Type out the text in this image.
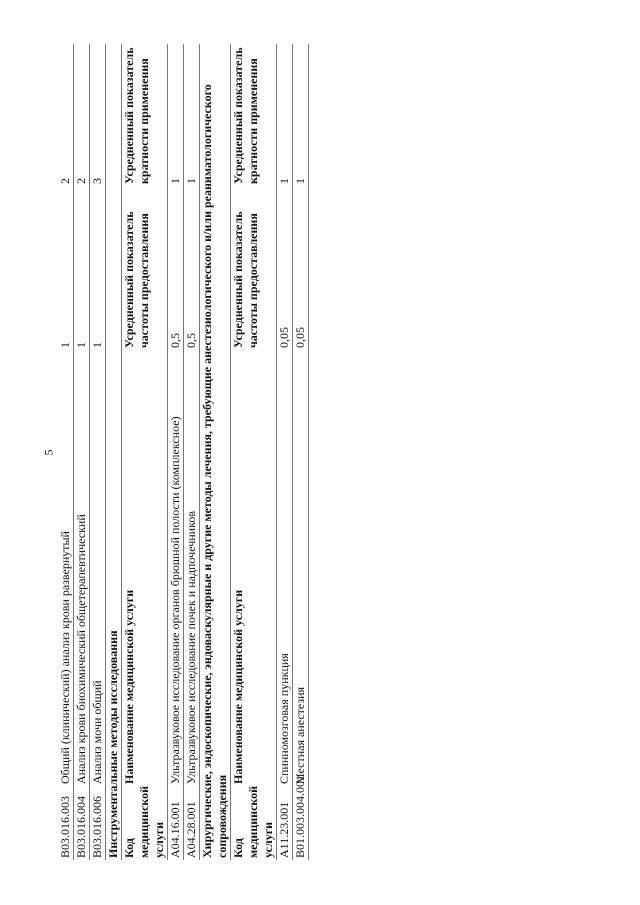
5
B03.016.003	Общий (клинический) анализ крови развернутый	1	2
B03.016.004	Анализ крови биохимический общетерапевтический	1	2
B03.016.006	Анализ мочи общий	1	3
Инструментальные методы исследования			
Код медицинской услуги	Наименование медицинской услуги	Усредненный показатель частоты предоставления	Усредненный показатель кратности применения
A04.16.001	Ультразвуковое исследование органов брюшной полости (комплексное)	0,5	1
A04.28.001	Ультразвуковое исследование почек и надпочечников	0,5	1
Хирургические, эндоскопические, эндоваскулярные и другие методы лечения, требующие анестезиологического и/или реаниматологического сопровождения			
Код медицинской услуги	Наименование медицинской услуги	Усредненный показатель частоты предоставления	Усредненный показатель кратности применения
A11.23.001	Спинномозговая пункция	0,05	1
B01.003.004.001	Местная анестезия	0,05	1
